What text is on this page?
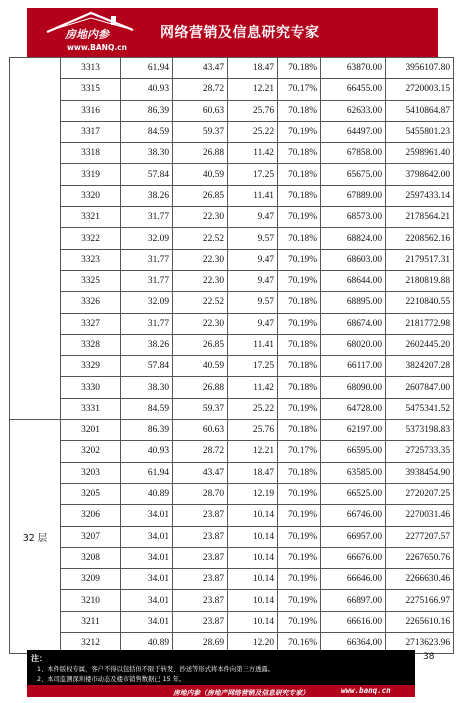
房地内参
www.BANQ.cn
网络营销及信息研究专家
	3313	61.94	43.47	18.47	70.18%	63870.00	3956107.80
	3315	40.93	28.72	12.21	70.17%	66455.00	2720003.15
	3316	86.39	60.63	25.76	70.18%	62633.00	5410864.87
	3317	84.59	59.37	25.22	70.19%	64497.00	5455801.23
	3318	38.30	26.88	11.42	70.18%	67858.00	2598961.40
	3319	57.84	40.59	17.25	70.18%	65675.00	3798642.00
	3320	38.26	26.85	11.41	70.18%	67889.00	2597433.14
	3321	31.77	22.30	9.47	70.19%	68573.00	2178564.21
	3322	32.09	22.52	9.57	70.18%	68824.00	2208562.16
	3323	31.77	22.30	9.47	70.19%	68603.00	2179517.31
	3325	31.77	22.30	9.47	70.19%	68644.00	2180819.88
	3326	32.09	22.52	9.57	70.18%	68895.00	2210840.55
	3327	31.77	22.30	9.47	70.19%	68674.00	2181772.98
	3328	38.26	26.85	11.41	70.18%	68020.00	2602445.20
	3329	57.84	40.59	17.25	70.18%	66117.00	3824207.28
	3330	38.30	26.88	11.42	70.18%	68090.00	2607847.00
	3331	84.59	59.37	25.22	70.19%	64728.00	5475341.52
32 层	3201	86.39	60.63	25.76	70.18%	62197.00	5373198.83
	3202	40.93	28.72	12.21	70.17%	66595.00	2725733.35
	3203	61.94	43.47	18.47	70.18%	63585.00	3938454.90
	3205	40.89	28.70	12.19	70.19%	66525.00	2720207.25
	3206	34.01	23.87	10.14	70.19%	66746.00	2270031.46
	3207	34.01	23.87	10.14	70.19%	66957.00	2277207.57
	3208	34.01	23.87	10.14	70.19%	66676.00	2267650.76
	3209	34.01	23.87	10.14	70.19%	66646.00	2266630.46
	3210	34.01	23.87	10.14	70.19%	66897.00	2275166.97
	3211	34.01	23.87	10.14	70.19%	66616.00	2265610.16
	3212	40.89	28.69	12.20	70.16%	66364.00	2713623.96
注：
1、本件版权专属，客户不得以包括但不限于转发、抄送等形式将本件向第三方透露。
2、本司监测深圳楼市动态及楼市销售数据已 15 年。
房地内参（房地产网络营销及信息研究专家）	www.banq.cn
38
